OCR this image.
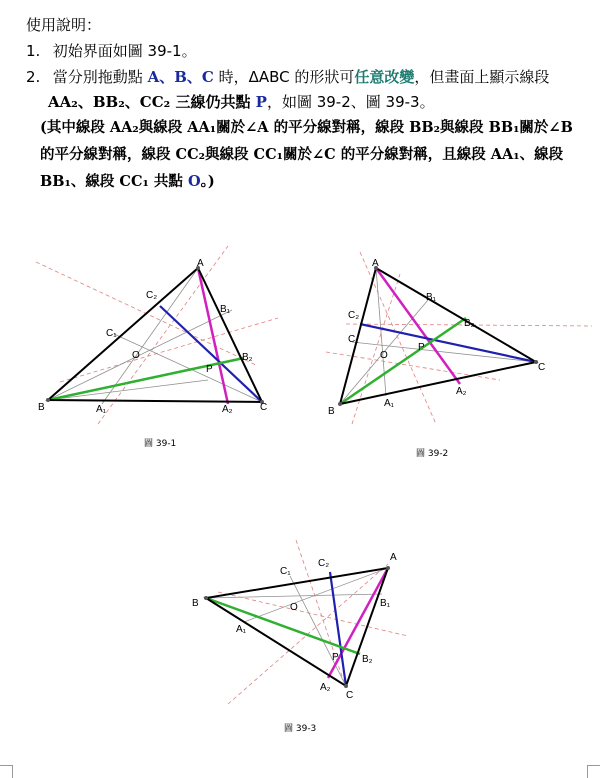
使用說明：
1. 初始界面如圖 39-1。
2. 當分別拖動點 A、B、C 時，ΔABC 的形狀可任意改變，但畫面上顯示線段
AA₂、BB₂、CC₂ 三線仍共點 P，如圖 39-2、圖 39-3。
(其中線段 AA₂與線段 AA₁關於∠A 的平分線對稱，線段 BB₂與線段 BB₁關於∠B 的平分線對稱，線段 CC₂與線段 CC₁關於∠C 的平分線對稱，且線段 AA₁、線段 BB₁、線段 CC₁ 共點 O。)
A
B	C
A₁	A₂
B₁
B₂
C₁
C₂
O
P
A
B
C
A₁
A₂
B₁
B₂
C₁
C₂
O
P
A
B
C
A₁
A₂
B₁
B₂
C₁
C₂
O
P
圖 39-1
圖 39-2
圖 39-3
